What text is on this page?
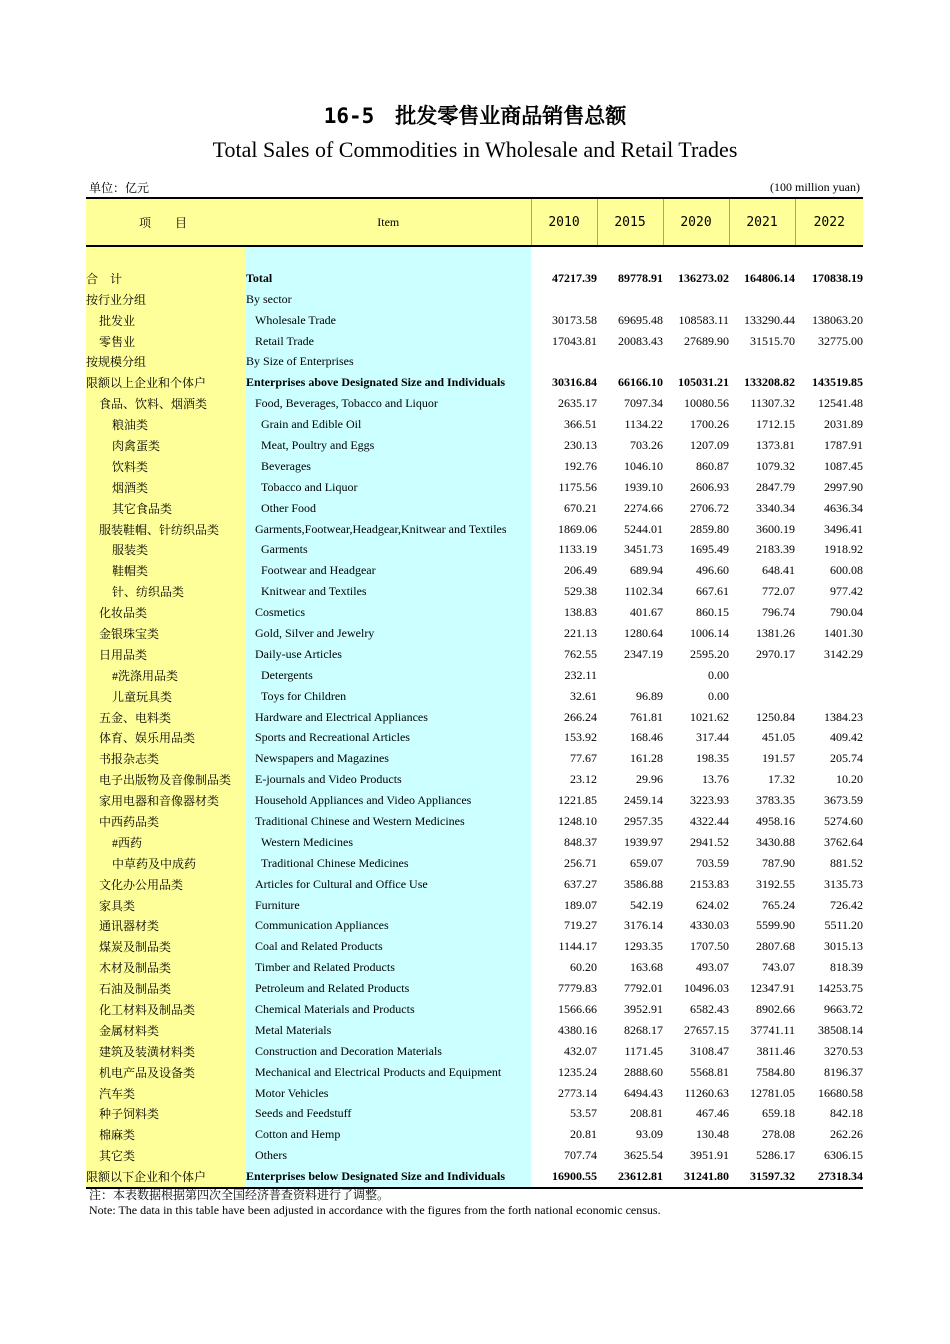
16-5　批发零售业商品销售总额
Total Sales of Commodities in Wholesale and Retail Trades
单位：亿元	(100 million yuan)
项　目	Item	2010	2015	2020	2021	2022

合　计	Total	47217.39	89778.91	136273.02	164806.14	170838.19
按行业分组	By sector					
批发业	Wholesale Trade	30173.58	69695.48	108583.11	133290.44	138063.20
零售业	Retail Trade	17043.81	20083.43	27689.90	31515.70	32775.00
按规模分组	By Size of Enterprises					
限额以上企业和个体户	Enterprises above Designated Size and Individuals	30316.84	66166.10	105031.21	133208.82	143519.85
食品、饮料、烟酒类	Food, Beverages, Tobacco and Liquor	2635.17	7097.34	10080.56	11307.32	12541.48
粮油类	Grain and Edible Oil	366.51	1134.22	1700.26	1712.15	2031.89
肉禽蛋类	Meat, Poultry and Eggs	230.13	703.26	1207.09	1373.81	1787.91
饮料类	Beverages	192.76	1046.10	860.87	1079.32	1087.45
烟酒类	Tobacco and Liquor	1175.56	1939.10	2606.93	2847.79	2997.90
其它食品类	Other Food	670.21	2274.66	2706.72	3340.34	4636.34
服装鞋帽、针纺织品类	Garments,Footwear,Headgear,Knitwear and Textiles	1869.06	5244.01	2859.80	3600.19	3496.41
服装类	Garments	1133.19	3451.73	1695.49	2183.39	1918.92
鞋帽类	Footwear and Headgear	206.49	689.94	496.60	648.41	600.08
针、纺织品类	Knitwear and Textiles	529.38	1102.34	667.61	772.07	977.42
化妆品类	Cosmetics	138.83	401.67	860.15	796.74	790.04
金银珠宝类	Gold, Silver and Jewelry	221.13	1280.64	1006.14	1381.26	1401.30
日用品类	Daily-use Articles	762.55	2347.19	2595.20	2970.17	3142.29
#洗涤用品类	Detergents	232.11		0.00		
儿童玩具类	Toys for Children	32.61	96.89	0.00		
五金、电料类	Hardware and Electrical Appliances	266.24	761.81	1021.62	1250.84	1384.23
体育、娱乐用品类	Sports and Recreational Articles	153.92	168.46	317.44	451.05	409.42
书报杂志类	Newspapers and Magazines	77.67	161.28	198.35	191.57	205.74
电子出版物及音像制品类	E-journals and Video Products	23.12	29.96	13.76	17.32	10.20
家用电器和音像器材类	Household Appliances and Video Appliances	1221.85	2459.14	3223.93	3783.35	3673.59
中西药品类	Traditional Chinese and Western Medicines	1248.10	2957.35	4322.44	4958.16	5274.60
#西药	Western Medicines	848.37	1939.97	2941.52	3430.88	3762.64
中草药及中成药	Traditional Chinese Medicines	256.71	659.07	703.59	787.90	881.52
文化办公用品类	Articles for Cultural and Office Use	637.27	3586.88	2153.83	3192.55	3135.73
家具类	Furniture	189.07	542.19	624.02	765.24	726.42
通讯器材类	Communication Appliances	719.27	3176.14	4330.03	5599.90	5511.20
煤炭及制品类	Coal and Related Products	1144.17	1293.35	1707.50	2807.68	3015.13
木材及制品类	Timber and Related Products	60.20	163.68	493.07	743.07	818.39
石油及制品类	Petroleum and Related Products	7779.83	7792.01	10496.03	12347.91	14253.75
化工材料及制品类	Chemical Materials and Products	1566.66	3952.91	6582.43	8902.66	9663.72
金属材料类	Metal Materials	4380.16	8268.17	27657.15	37741.11	38508.14
建筑及装潢材料类	Construction and Decoration Materials	432.07	1171.45	3108.47	3811.46	3270.53
机电产品及设备类	Mechanical and Electrical Products and Equipment	1235.24	2888.60	5568.81	7584.80	8196.37
汽车类	Motor Vehicles	2773.14	6494.43	11260.63	12781.05	16680.58
种子饲料类	Seeds and Feedstuff	53.57	208.81	467.46	659.18	842.18
棉麻类	Cotton and Hemp	20.81	93.09	130.48	278.08	262.26
其它类	Others	707.74	3625.54	3951.91	5286.17	6306.15
限额以下企业和个体户	Enterprises below Designated Size and Individuals	16900.55	23612.81	31241.80	31597.32	27318.34
注：本表数据根据第四次全国经济普查资料进行了调整。
Note: The data in this table have been adjusted in accordance with the figures from the forth national economic census.
